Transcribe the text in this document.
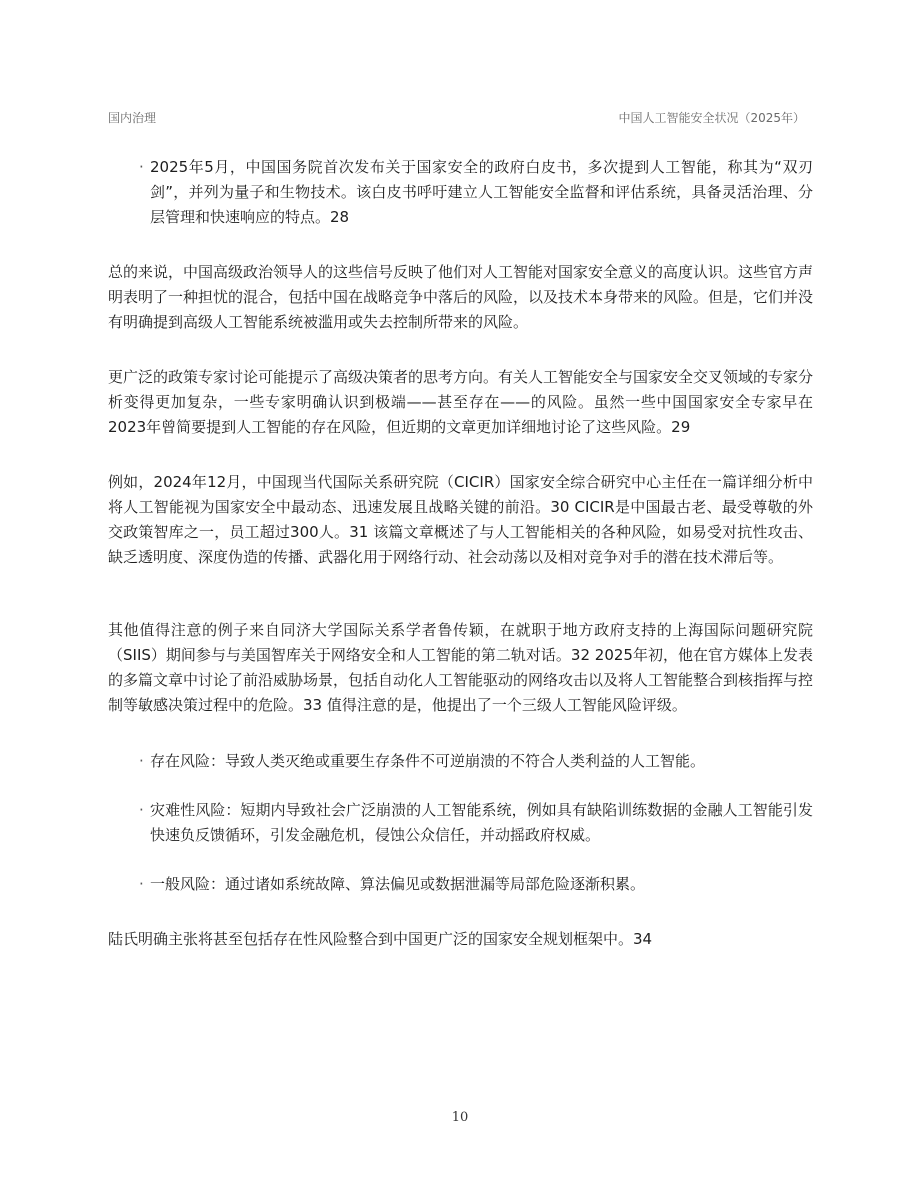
国内治理	中国人工智能安全状况（2025年）

· 2025年5月，中国国务院首次发布关于国家安全的政府白皮书，多次提到人工智能，称其为“双刃剑”，并列为量子和生物技术。该白皮书呼吁建立人工智能安全监督和评估系统，具备灵活治理、分层管理和快速响应的特点。28

总的来说，中国高级政治领导人的这些信号反映了他们对人工智能对国家安全意义的高度认识。这些官方声明表明了一种担忧的混合，包括中国在战略竞争中落后的风险，以及技术本身带来的风险。但是，它们并没有明确提到高级人工智能系统被滥用或失去控制所带来的风险。

更广泛的政策专家讨论可能提示了高级决策者的思考方向。有关人工智能安全与国家安全交叉领域的专家分析变得更加复杂，一些专家明确认识到极端——甚至存在——的风险。虽然一些中国国家安全专家早在2023年曾简要提到人工智能的存在风险，但近期的文章更加详细地讨论了这些风险。29

例如，2024年12月，中国现当代国际关系研究院（CICIR）国家安全综合研究中心主任在一篇详细分析中将人工智能视为国家安全中最动态、迅速发展且战略关键的前沿。30 CICIR是中国最古老、最受尊敬的外交政策智库之一，员工超过300人。31 该篇文章概述了与人工智能相关的各种风险，如易受对抗性攻击、缺乏透明度、深度伪造的传播、武器化用于网络行动、社会动荡以及相对竞争对手的潜在技术滞后等。

其他值得注意的例子来自同济大学国际关系学者鲁传颖，在就职于地方政府支持的上海国际问题研究院（SIIS）期间参与与美国智库关于网络安全和人工智能的第二轨对话。32 2025年初，他在官方媒体上发表的多篇文章中讨论了前沿威胁场景，包括自动化人工智能驱动的网络攻击以及将人工智能整合到核指挥与控制等敏感决策过程中的危险。33 值得注意的是，他提出了一个三级人工智能风险评级。

· 存在风险：导致人类灭绝或重要生存条件不可逆崩溃的不符合人类利益的人工智能。

· 灾难性风险：短期内导致社会广泛崩溃的人工智能系统，例如具有缺陷训练数据的金融人工智能引发快速负反馈循环，引发金融危机，侵蚀公众信任，并动摇政府权威。

· 一般风险：通过诸如系统故障、算法偏见或数据泄漏等局部危险逐渐积累。

陆氏明确主张将甚至包括存在性风险整合到中国更广泛的国家安全规划框架中。34

10
